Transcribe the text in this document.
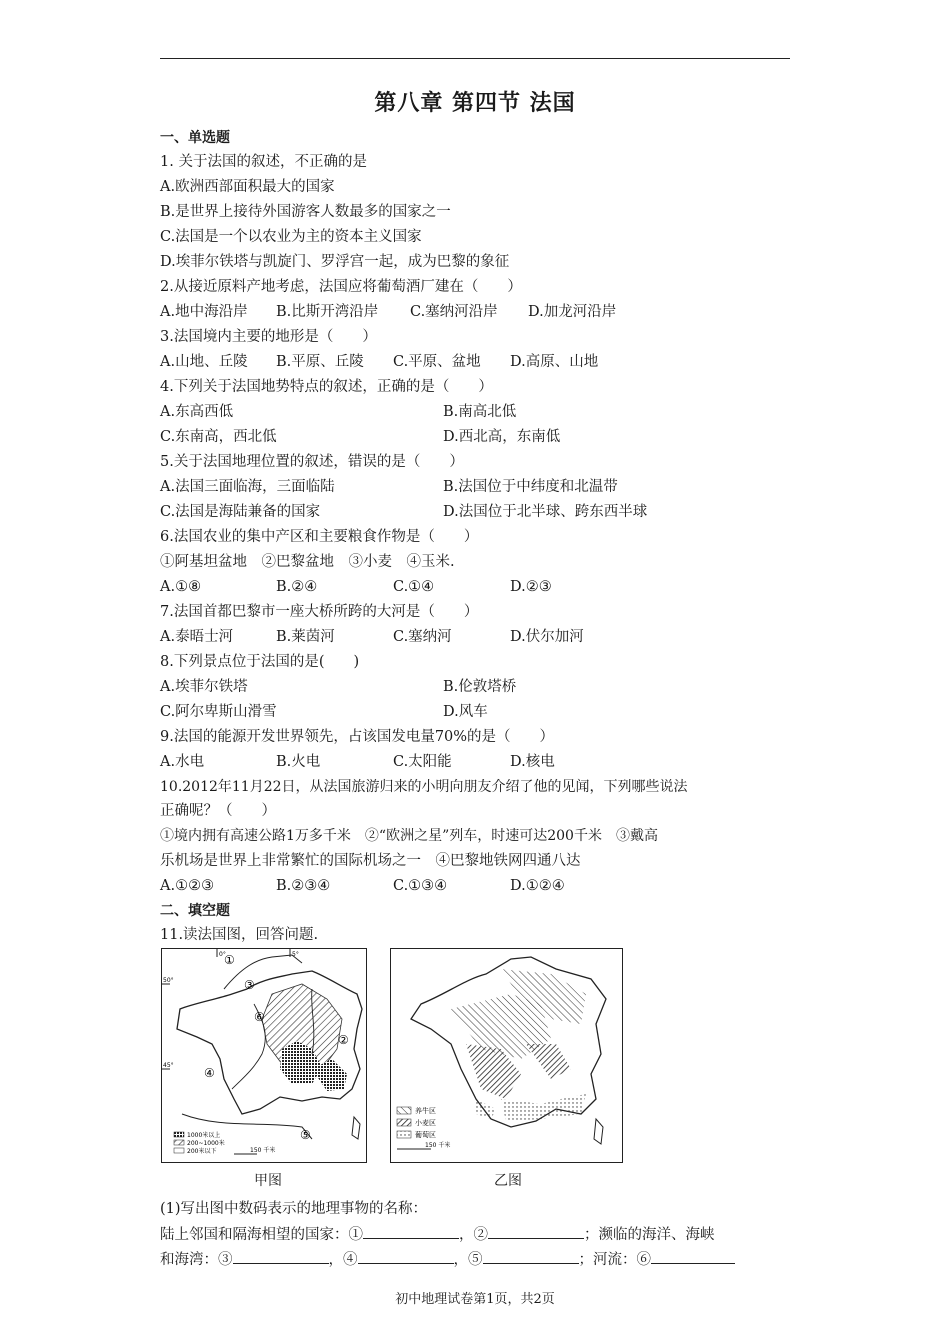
第八章 第四节 法国
一、单选题
1. 关于法国的叙述，不正确的是
A.欧洲西部面积最大的国家
B.是世界上接待外国游客人数最多的国家之一
C.法国是一个以农业为主的资本主义国家
D.埃菲尔铁塔与凯旋门、罗浮宫一起，成为巴黎的象征
2.从接近原料产地考虑，法国应将葡萄酒厂建在（　　）
A.地中海沿岸 B.比斯开湾沿岸 C.塞纳河沿岸 D.加龙河沿岸
3.法国境内主要的地形是（　　）
A.山地、丘陵 B.平原、丘陵 C.平原、盆地 D.高原、山地
4.下列关于法国地势特点的叙述，正确的是（　　）
A.东高西低	B.南高北低
C.东南高，西北低	D.西北高，东南低
5.关于法国地理位置的叙述，错误的是（　　）
A.法国三面临海，三面临陆	B.法国位于中纬度和北温带
C.法国是海陆兼备的国家	D.法国位于北半球、跨东西半球
6.法国农业的集中产区和主要粮食作物是（　　）
①阿基坦盆地　②巴黎盆地　③小麦　④玉米.
A.①⑧	B.②④	C.①④	D.②③
7.法国首都巴黎市一座大桥所跨的大河是（　　）
A.泰晤士河	B.莱茵河	C.塞纳河	D.伏尔加河
8.下列景点位于法国的是(　　)
A.埃菲尔铁塔	B.伦敦塔桥
C.阿尔卑斯山滑雪	D.风车
9.法国的能源开发世界领先，占该国发电量70%的是（　　）
A.水电	B.火电	C.太阳能	D.核电
10.2012年11月22日，从法国旅游归来的小明向朋友介绍了他的见闻，下列哪些说法
正确呢？（　　）
①境内拥有高速公路1万多千米　②“欧洲之星”列车，时速可达200千米　③戴高
乐机场是世界上非常繁忙的国际机场之一　④巴黎地铁网四通八达
A.①②③	B.②③④	C.①③④	D.①②④
二、填空题
11.读法国图，回答问题.
①
②
③
④
⑤
⑥
50°
45°
0°	5°
1000米以上
200~1000米
200米以下	150 千米
甲图
养牛区
小麦区
葡萄区
150 千米
乙图
(1)写出图中数码表示的地理事物的名称：
陆上邻国和隔海相望的国家：①	，②	；濒临的海洋、海峡
和海湾：③	，④	，⑤	；河流：⑥
初中地理试卷第1页，共2页
